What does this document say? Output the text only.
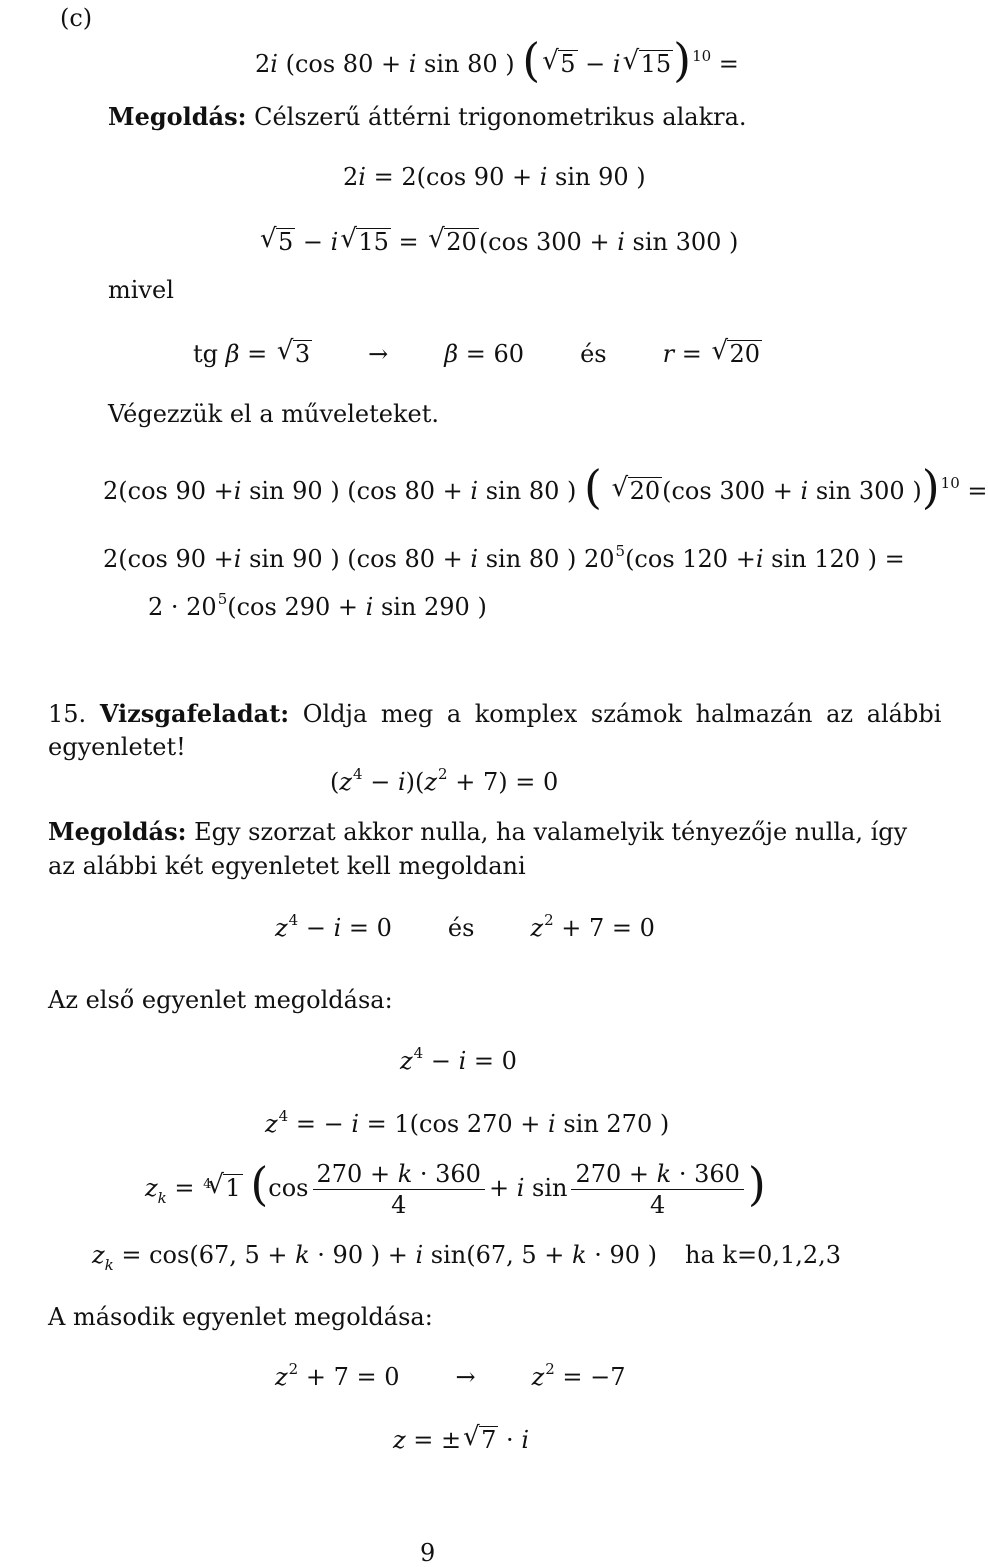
(c)
2i (cos 80 + i sin 80 ) (√ 5 − i√ 15)$^{10}$ =
Megoldás: Célszerű áttérni trigonometrikus alakra.
2i = 2(cos 90 + i sin 90 )
√ 5 − i√ 15 = √ 20(cos 300 + i sin 300 )
mivel
tg β = √ 3 → β = 60 és r = √ 20
Végezzük el a műveleteket.
2(cos 90 +i sin 90 ) (cos 80 + i sin 80 ) ( √ 20(cos 300 + i sin 300 ))$^{10}$ =
2(cos 90 +i sin 90 ) (cos 80 + i sin 80 ) $20^5(\cos$ 120 +i sin 120 ) =
$2 \cdot 20^5(\cos$ 290 + i sin 290 )
15. Vizsgafeladat: Oldja meg a komplex számok halmazán az alábbi
egyenletet!
$(z^4 - i)(z^2 + 7) = 0$
Megoldás: Egy szorzat akkor nulla, ha valamelyik tényezője nulla, így
az alábbi két egyenletet kell megoldani
$z^4 - i = 0$ és $z^2 + 7 = 0$
Az első egyenlet megoldása:
$z^4 - i = 0$
$z^4$ = − i = 1(cos 270 + i sin 270 )
$z_k = ^4√$ 1 ($\cos \frac{270 + k \cdot 360}{4} + i$ $\sin \frac{270 + k \cdot 360}{4}$ )
$z_k = \cos(67$, 5 + k · 90 ) + i sin(67, 5 + k · 90 ) ha k=0,1,2,3
A második egyenlet megoldása:
$z^2 + 7 = 0 \to z^2 = -7$
z = ±√ 7 · i
9
